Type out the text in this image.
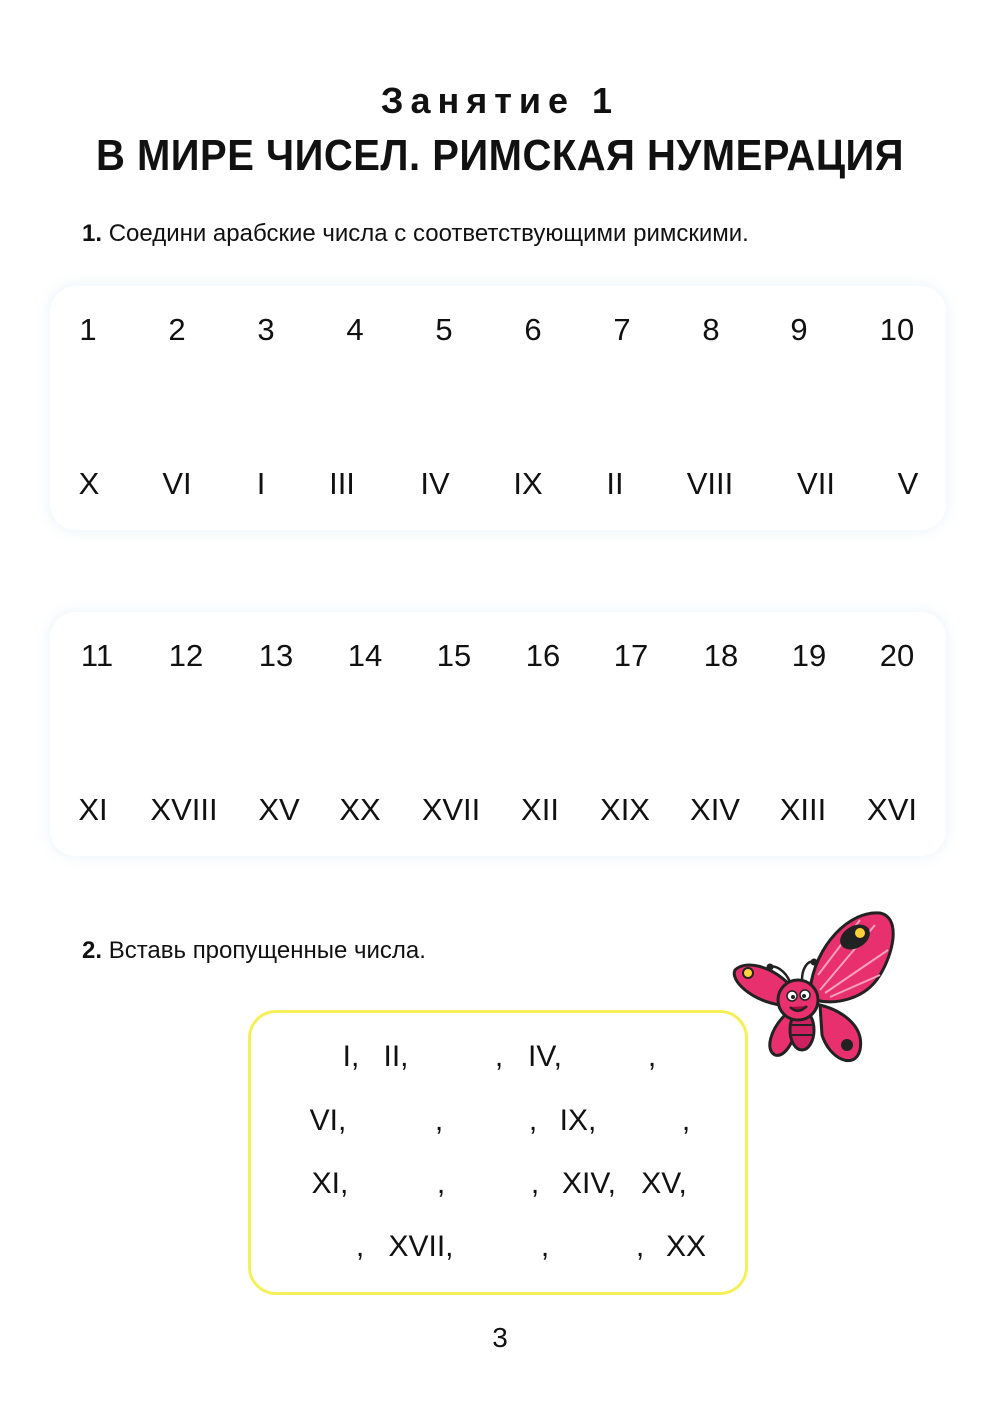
Занятие 1
В МИРЕ ЧИСЕЛ. РИМСКАЯ НУМЕРАЦИЯ
1. Соедини арабские числа с соответствующими римскими.
1 2 3 4 5 6 7 8 9 10
X VI I III IV IX II VIII VII V
11 12 13 14 15 16 17 18 19 20
XI XVIII XV XX XVII XII XIX XIV XIII XVI
2. Вставь пропущенные числа.
I, II,	, IV,	,
VI,	,	, IX,	,
XI,	,	, XIV, XV,
, XVII,	,	, XX
3
